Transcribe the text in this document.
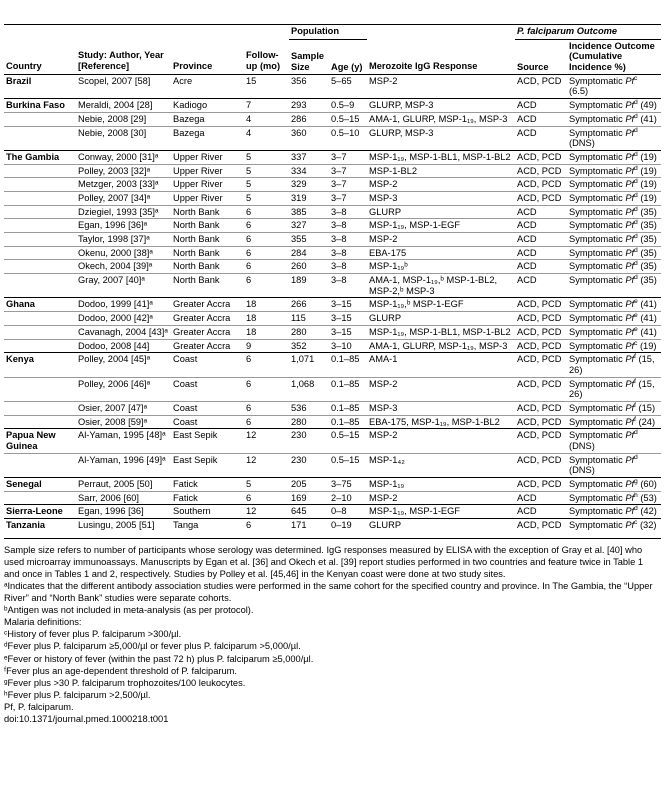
Country	Study: Author, Year [Reference]	Province	Follow-up (mo)	Population		Merozoite IgG Response	P. falciparum Outcome	
				Sample Size	Age (y)		Source	Incidence Outcome (Cumulative Incidence %)
Brazil	Scopel, 2007 [58]	Acre	15	356	5–65	MSP-2	ACD, PCD	Symptomatic Pf$^c$ (6.5)
Burkina Faso	Meraldi, 2004 [28]	Kadiogo	7	293	0.5–9	GLURP, MSP-3	ACD	Symptomatic Pf$^d$ (49)
	Nebie, 2008 [29]	Bazega	4	286	0.5–15	AMA-1, GLURP, MSP-1₁₉, MSP-3	ACD	Symptomatic Pf$^d$ (41)
	Nebie, 2008 [30]	Bazega	4	360	0.5–10	GLURP, MSP-3	ACD	Symptomatic Pf$^d$ (DNS)
The Gambia	Conway, 2000 [31]ᵃ	Upper River	5	337	3–7	MSP-1₁₉, MSP-1-BL1, MSP-1-BL2	ACD, PCD	Symptomatic Pf$^d$ (19)
	Polley, 2003 [32]ᵃ	Upper River	5	334	3–7	MSP-1-BL2	ACD, PCD	Symptomatic Pf$^d$ (19)
	Metzger, 2003 [33]ᵃ	Upper River	5	329	3–7	MSP-2	ACD, PCD	Symptomatic Pf$^d$ (19)
	Polley, 2007 [34]ᵃ	Upper River	5	319	3–7	MSP-3	ACD, PCD	Symptomatic Pf$^d$ (19)
	Dziegiel, 1993 [35]ᵃ	North Bank	6	385	3–8	GLURP	ACD	Symptomatic Pf$^d$ (35)
	Egan, 1996 [36]ᵃ	North Bank	6	327	3–8	MSP-1₁₉, MSP-1-EGF	ACD	Symptomatic Pf$^d$ (35)
	Taylor, 1998 [37]ᵃ	North Bank	6	355	3–8	MSP-2	ACD	Symptomatic Pf$^d$ (35)
	Okenu, 2000 [38]ᵃ	North Bank	6	284	3–8	EBA-175	ACD	Symptomatic Pf$^d$ (35)
	Okech, 2004 [39]ᵃ	North Bank	6	260	3–8	MSP-1₁₉ᵇ	ACD	Symptomatic Pf$^d$ (35)
	Gray, 2007 [40]ᵃ	North Bank	6	189	3–8	AMA-1, MSP-1₁₉,ᵇ MSP-1-BL2, MSP-2,ᵇ MSP-3	ACD	Symptomatic Pf$^d$ (35)
Ghana	Dodoo, 1999 [41]ᵃ	Greater Accra	18	266	3–15	MSP-1₁₉,ᵇ MSP-1-EGF	ACD, PCD	Symptomatic Pf$^e$ (41)
	Dodoo, 2000 [42]ᵃ	Greater Accra	18	115	3–15	GLURP	ACD, PCD	Symptomatic Pf$^e$ (41)
	Cavanagh, 2004 [43]ᵃ	Greater Accra	18	280	3–15	MSP-1₁₉, MSP-1-BL1, MSP-1-BL2	ACD, PCD	Symptomatic Pf$^e$ (41)
	Dodoo, 2008 [44]	Greater Accra	9	352	3–10	AMA-1, GLURP, MSP-1₁₉, MSP-3	ACD, PCD	Symptomatic Pf$^c$ (19)
Kenya	Polley, 2004 [45]ᵃ	Coast	6	1,071	0.1–85	AMA-1	ACD, PCD	Symptomatic Pf$^f$ (15, 26)
	Polley, 2006 [46]ᵃ	Coast	6	1,068	0.1–85	MSP-2	ACD, PCD	Symptomatic Pf$^f$ (15, 26)
	Osier, 2007 [47]ᵃ	Coast	6	536	0.1–85	MSP-3	ACD, PCD	Symptomatic Pf$^f$ (15)
	Osier, 2008 [59]ᵃ	Coast	6	280	0.1–85	EBA-175, MSP-1₁₉, MSP-1-BL2	ACD, PCD	Symptomatic Pf$^f$ (24)
Papua New Guinea	Al-Yaman, 1995 [48]ᵃ	East Sepik	12	230	0.5–15	MSP-2	ACD, PCD	Symptomatic Pf$^d$ (DNS)
	Al-Yaman, 1996 [49]ᵃ	East Sepik	12	230	0.5–15	MSP-1₄₂	ACD, PCD	Symptomatic Pf$^d$ (DNS)
Senegal	Perraut, 2005 [50]	Fatick	5	205	3–75	MSP-1₁₉	ACD, PCD	Symptomatic Pf$^g$ (60)
	Sarr, 2006 [60]	Fatick	6	169	2–10	MSP-2	ACD	Symptomatic Pf$^h$ (53)
Sierra-Leone	Egan, 1996 [36]	Southern	12	645	0–8	MSP-1₁₉, MSP-1-EGF	ACD	Symptomatic Pf$^d$ (42)
Tanzania	Lusingu, 2005 [51]	Tanga	6	171	0–19	GLURP	ACD, PCD	Symptomatic Pf$^c$ (32)
Sample size refers to number of participants whose serology was determined. IgG responses measured by ELISA with the exception of Gray et al. [40] who used microarray immunoassays. Manuscripts by Egan et al. [36] and Okech et al. [39] report studies performed in two countries and feature twice in Table 1 and once in Tables 1 and 2, respectively. Studies by Polley et al. [45,46] in the Kenyan coast were done at two study sites.
ᵃIndicates that the different antibody association studies were performed in the same cohort for the specified country and province. In The Gambia, the “Upper River” and “North Bank” studies were separate cohorts.
ᵇAntigen was not included in meta-analysis (as per protocol).
Malaria definitions:
ᶜHistory of fever plus P. falciparum >300/µl.
ᵈFever plus P. falciparum ≥5,000/µl or fever plus P. falciparum >5,000/µl.
ᵉFever or history of fever (within the past 72 h) plus P. falciparum ≥5,000/µl.
ᶠFever plus an age-dependent threshold of P. falciparum.
ᵍFever plus >30 P. falciparum trophozoites/100 leukocytes.
ʰFever plus P. falciparum >2,500/µl.
Pf, P. falciparum.
doi:10.1371/journal.pmed.1000218.t001
